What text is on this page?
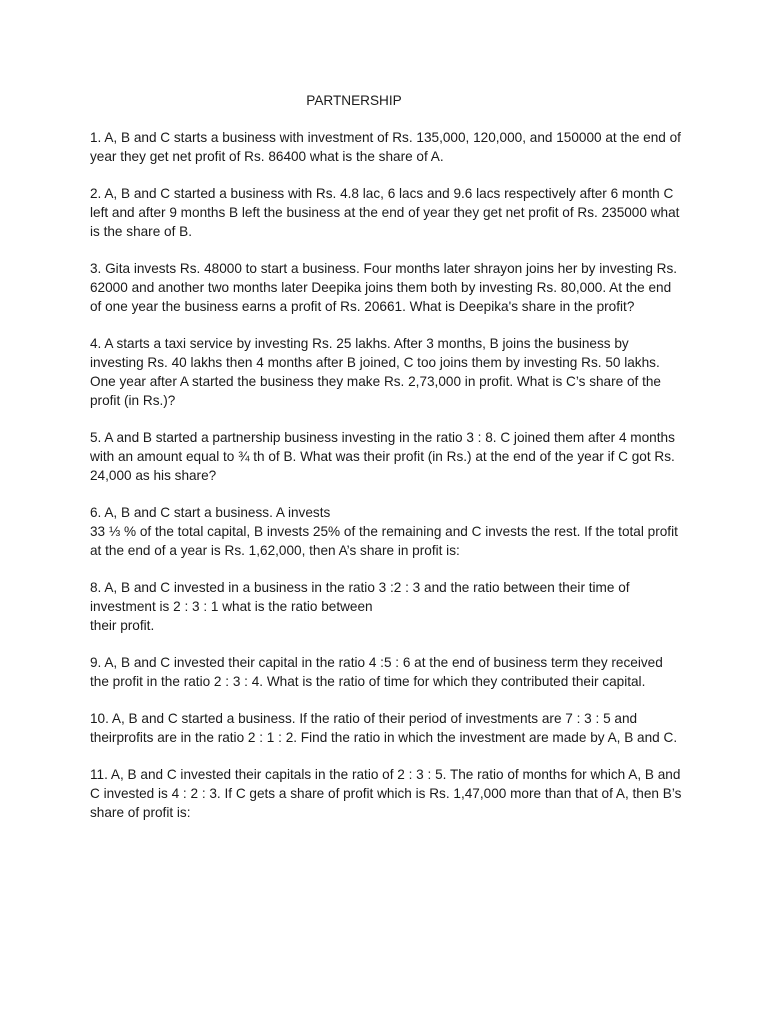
PARTNERSHIP

1. A, B and C starts a business with investment of Rs. 135,000, 120,000, and 150000 at the end of year they get net profit of Rs. 86400 what is the share of A.

2. A, B and C started a business with Rs. 4.8 lac, 6 lacs and 9.6 lacs respectively after 6 month C left and after 9 months B left the business at the end of year they get net profit of Rs. 235000 what is the share of B.

3. Gita invests Rs. 48000 to start a business. Four months later shrayon joins her by investing Rs. 62000 and another two months later Deepika joins them both by investing Rs. 80,000. At the end of one year the business earns a profit of Rs. 20661. What is Deepika's share in the profit?

4. A starts a taxi service by investing Rs. 25 lakhs. After 3 months, B joins the business by investing Rs. 40 lakhs then 4 months after B joined, C too joins them by investing Rs. 50 lakhs. One year after A started the business they make Rs. 2,73,000 in profit. What is C’s share of the profit (in Rs.)?

5. A and B started a partnership business investing in the ratio 3 : 8. C joined them after 4 months with an amount equal to ¾ th of B. What was their profit (in Rs.) at the end of the year if C got Rs. 24,000 as his share?

6. A, B and C start a business. A invests
33 ⅓ % of the total capital, B invests 25% of the remaining and C invests the rest. If the total profit at the end of a year is Rs. 1,62,000, then A’s share in profit is:

8. A, B and C invested in a business in the ratio 3 :2 : 3 and the ratio between their time of investment is 2 : 3 : 1 what is the ratio between
their profit.

9. A, B and C invested their capital in the ratio 4 :5 : 6 at the end of business term they received the profit in the ratio 2 : 3 : 4. What is the ratio of time for which they contributed their capital.

10. A, B and C started a business. If the ratio of their period of investments are 7 : 3 : 5 and theirprofits are in the ratio 2 : 1 : 2. Find the ratio in which the investment are made by A, B and C.

11. A, B and C invested their capitals in the ratio of 2 : 3 : 5. The ratio of months for which A, B and C invested is 4 : 2 : 3. If C gets a share of profit which is Rs. 1,47,000 more than that of A, then B’s share of profit is:
